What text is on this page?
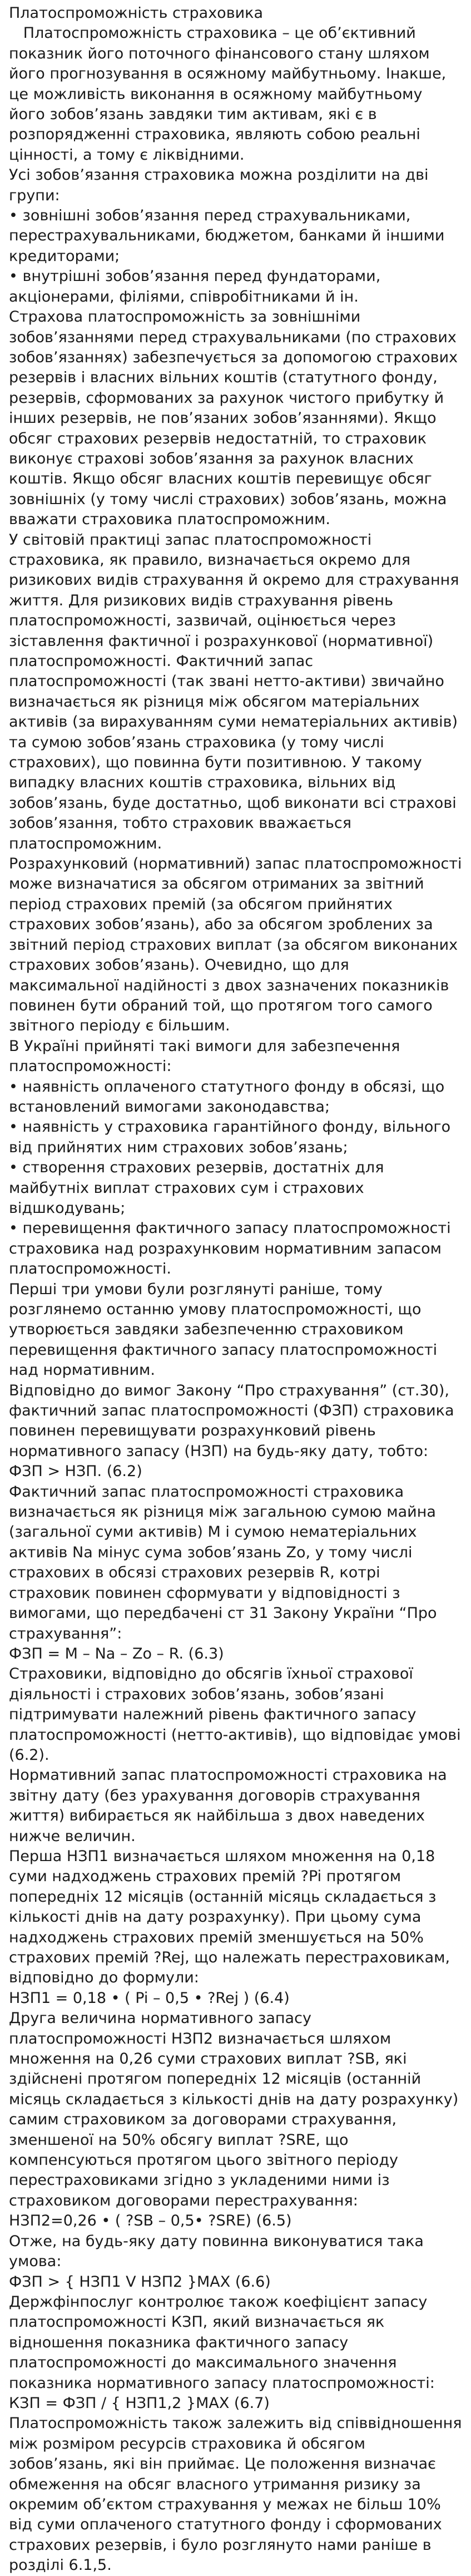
Платоспроможність страховика

Платоспроможність страховика – це об’єктивний показник його поточного фінансового стану шляхом його прогнозування в осяжному майбутньому. Інакше, це можливість виконання в осяжному майбутньому його зобов’язань завдяки тим активам, які є в розпорядженні страховика, являють собою реальні цінності, а тому є ліквідними.

Усі зобов’язання страховика можна розділити на дві групи:

• зовнішні зобов’язання перед страхувальниками, перестрахувальниками, бюджетом, банками й іншими кредиторами;

• внутрішні зобов’язання перед фундаторами, акціонерами, філіями, співробітниками й ін.

Страхова платоспроможність за зовнішніми зобов’язаннями перед страхувальниками (по страхових зобов’язаннях) забезпечується за допомогою страхових резервів і власних вільних коштів (статутного фонду, резервів, сформованих за рахунок чистого прибутку й інших резервів, не пов’язаних зобов’язаннями). Якщо обсяг страхових резервів недостатній, то страховик виконує страхові зобов’язання за рахунок власних коштів. Якщо обсяг власних коштів перевищує обсяг зовнішніх (у тому числі страхових) зобов’язань, можна вважати страховика платоспроможним.

У світовій практиці запас платоспроможності страховика, як правило, визначається окремо для ризикових видів страхування й окремо для страхування життя. Для ризикових видів страхування рівень платоспроможності, зазвичай, оцінюється через зіставлення фактичної і розрахункової (нормативної) платоспроможності. Фактичний запас платоспроможності (так звані нетто-активи) звичайно визначається як різниця між обсягом матеріальних активів (за вирахуванням суми нематеріальних активів) та сумою зобов’язань страховика (у тому числі страхових), що повинна бути позитивною. У такому випадку власних коштів страховика, вільних від зобов’язань, буде достатньо, щоб виконати всі страхові зобов’язання, тобто страховик вважається платоспроможним.

Розрахунковий (нормативний) запас платоспроможності може визначатися за обсягом отриманих за звітний період страхових премій (за обсягом прийнятих страхових зобов’язань), або за обсягом зроблених за звітний період страхових виплат (за обсягом виконаних страхових зобов’язань). Очевидно, що для максимальної надійності з двох зазначених показників повинен бути обраний той, що протягом того самого звітного періоду є більшим.

В Україні прийняті такі вимоги для забезпечення платоспроможності:

• наявність оплаченого статутного фонду в обсязі, що встановлений вимогами законодавства;

• наявність у страховика гарантійного фонду, вільного від прийнятих ним страхових зобов’язань;

• створення страхових резервів, достатніх для майбутніх виплат страхових сум і страхових відшкодувань;

• перевищення фактичного запасу платоспроможності страховика над розрахунковим нормативним запасом платоспроможності.

Перші три умови були розглянуті раніше, тому розглянемо останню умову платоспроможності, що утворюється завдяки забезпеченню страховиком перевищення фактичного запасу платоспроможності над нормативним.

Відповідно до вимог Закону “Про страхування” (ст.30), фактичний запас платоспроможності (ФЗП) страховика повинен перевищувати розрахунковий рівень нормативного запасу (НЗП) на будь-яку дату, тобто:

ФЗП > НЗП. (6.2)

Фактичний запас платоспроможності страховика визначається як різниця між загальною сумою майна (загальної суми активів) М і сумою нематеріальних активів Na мінус сума зобов’язань Zo, у тому числі страхових в обсязі страхових резервів R, котрі страховик повинен сформувати у відповідності з вимогами, що передбачені ст 31 Закону України “Про страхування”:

ФЗП = М – Na – Zo – R. (6.3)

Страховики, відповідно до обсягів їхньої страхової діяльності і страхових зобов’язань, зобов’язані підтримувати належний рівень фактичного запасу платоспроможності (нетто-активів), що відповідає умові (6.2).

Нормативний запас платоспроможності страховика на звітну дату (без урахування договорів страхування життя) вибирається як найбільша з двох наведених нижче величин.

Перша НЗП1 визначається шляхом множення на 0,18 суми надходжень страхових премій ?Pi протягом попередніх 12 місяців (останній місяць складається з кількості днів на дату розрахунку). При цьому сума надходжень страхових премій зменшується на 50% страхових премій ?Rej, що належать перестраховикам, відповідно до формули:

НЗП1 = 0,18 • ( Pi – 0,5 • ?Rej ) (6.4)

Друга величина нормативного запасу платоспроможності НЗП2 визначається шляхом множення на 0,26 суми страхових виплат ?SB, які здійснені протягом попередніх 12 місяців (останній місяць складається з кількості днів на дату розрахунку) самим страховиком за договорами страхування, зменшеної на 50% обсягу виплат ?SRE, що компенсуються протягом цього звітного періоду перестраховиками згідно з укладеними ними із страховиком договорами перестрахування:

НЗП2=0,26 • ( ?SB – 0,5• ?SRE) (6.5)

Отже, на будь-яку дату повинна виконуватися така умова:

ФЗП > { НЗП1 V НЗП2 }MAX (6.6)

Держфінпослуг контролює також коефіцієнт запасу платоспроможності КЗП, який визначається як відношення показника фактичного запасу платоспроможності до максимального значення показника нормативного запасу платоспроможності:

КЗП = ФЗП / { НЗП1,2 }MAX (6.7)

Платоспроможність також залежить від співвідношення між розміром ресурсів страховика й обсягом зобов’язань, які він приймає. Це положення визначає обмеження на обсяг власного утримання ризику за окремим об’єктом страхування у межах не більш 10% від суми оплаченого статутного фонду і сформованих страхових резервів, і було розглянуто нами раніше в розділі 6.1,5.
